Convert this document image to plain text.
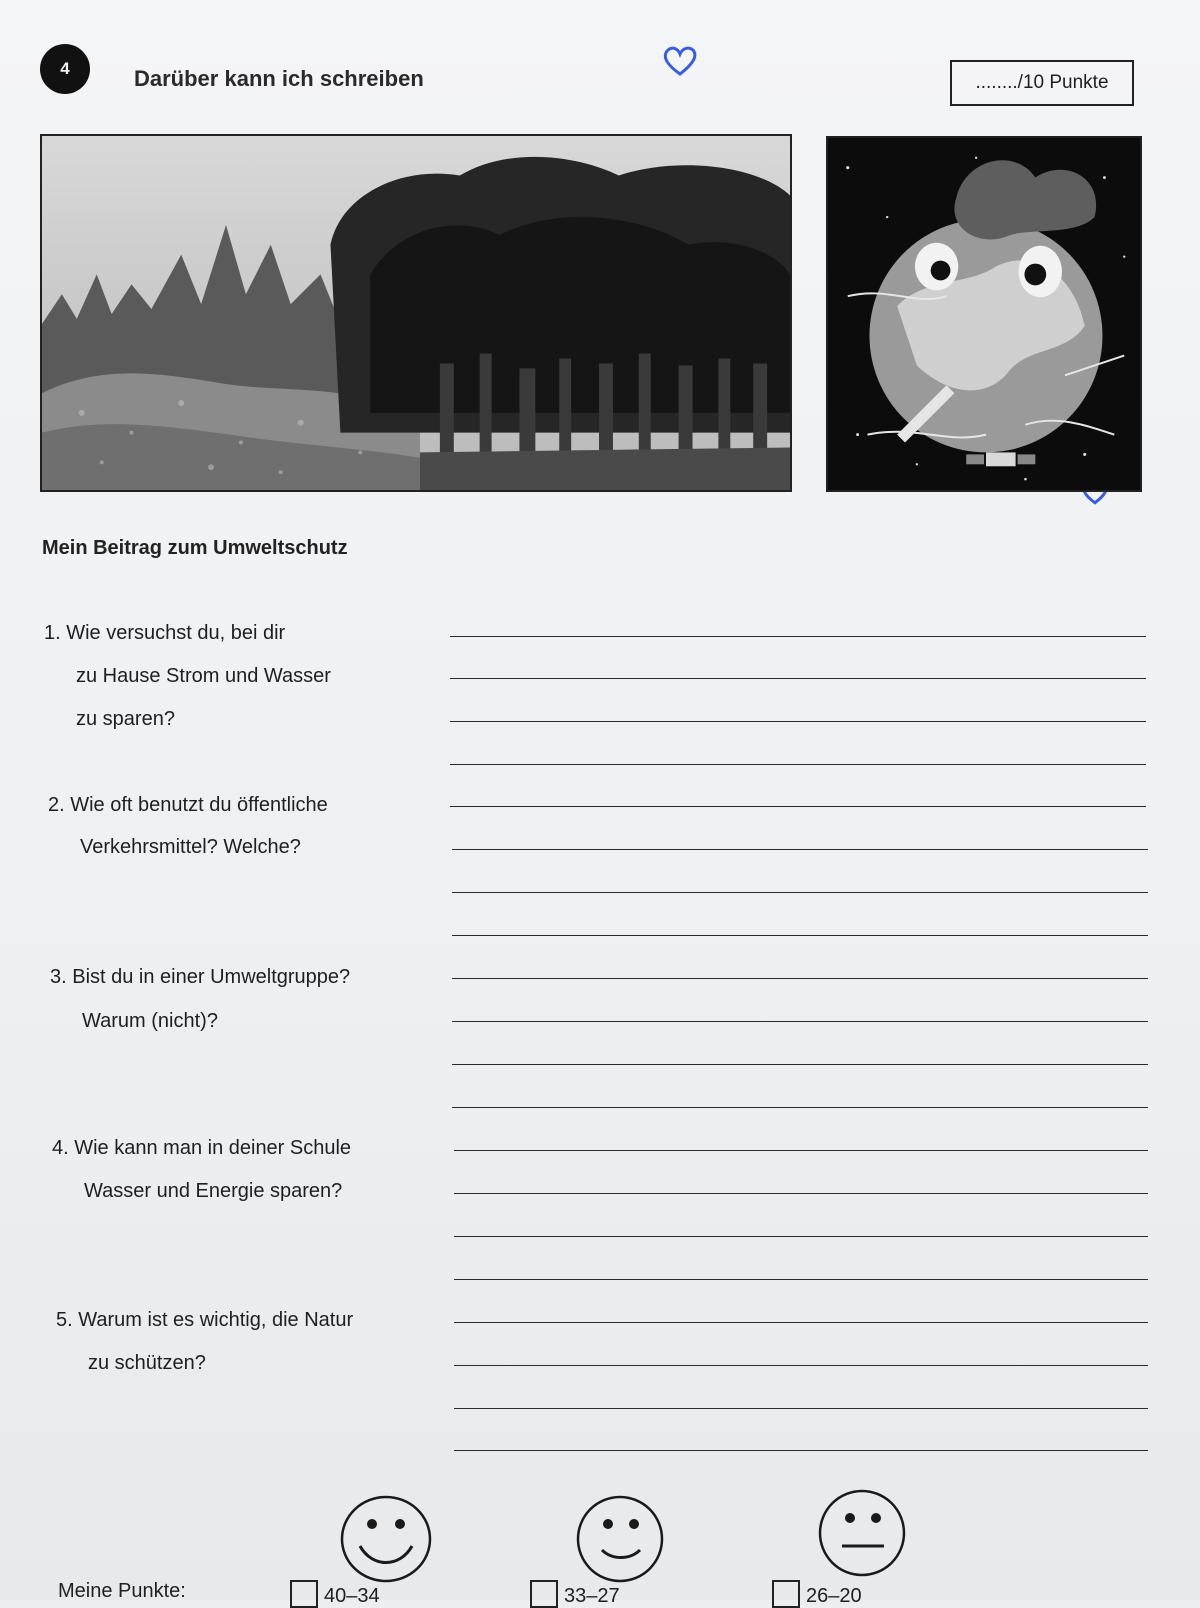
4	Darüber kann ich schreiben	......../10 Punkte
Mein Beitrag zum Umweltschutz
1. Wie versuchst du, bei dir
zu Hause Strom und Wasser
zu sparen?
2. Wie oft benutzt du öffentliche
Verkehrsmittel? Welche?
3. Bist du in einer Umweltgruppe?
Warum (nicht)?
4. Wie kann man in deiner Schule
Wasser und Energie sparen?
5. Warum ist es wichtig, die Natur
zu schützen?
Meine Punkte:	40–34	33–27	26–20
